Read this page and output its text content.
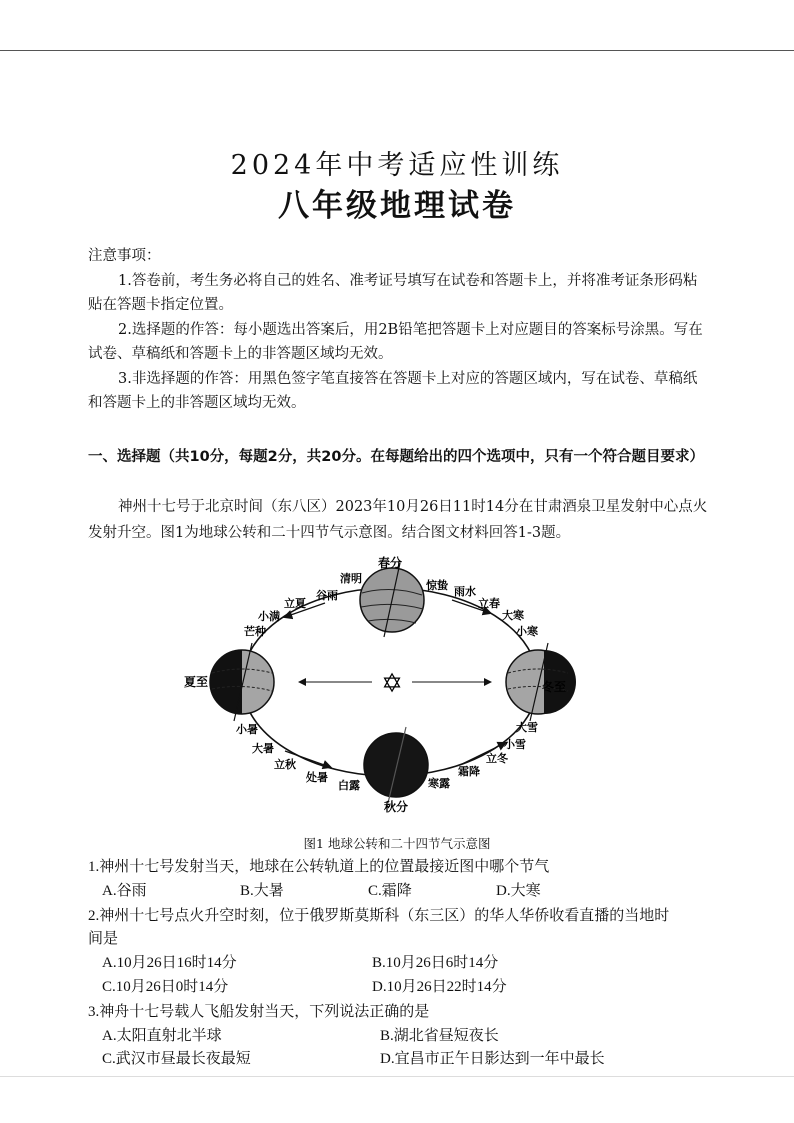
2024年中考适应性训练
八年级地理试卷

注意事项：

1.答卷前，考生务必将自己的姓名、准考证号填写在试卷和答题卡上，并将准考证条形码粘贴在答题卡指定位置。

2.选择题的作答：每小题选出答案后，用2B铅笔把答题卡上对应题目的答案标号涂黑。写在试卷、草稿纸和答题卡上的非答题区域均无效。

3.非选择题的作答：用黑色签字笔直接答在答题卡上对应的答题区域内，写在试卷、草稿纸和答题卡上的非答题区域均无效。

一、选择题（共10分，每题2分，共20分。在每题给出的四个选项中，只有一个符合题目要求）

神州十七号于北京时间（东八区）2023年10月26日11时14分在甘肃酒泉卫星发射中心点火发射升空。图1为地球公转和二十四节气示意图。结合图文材料回答1-3题。

✡
春分
清明
谷雨
立夏
小满
芒种
夏至
小暑
大暑
立秋
处暑
白露
秋分
寒露
霜降
立冬
小雪
大雪
冬至
小寒
大寒
立春
雨水
惊蛰
图1 地球公转和二十四节气示意图
1.神州十七号发射当天，地球在公转轨道上的位置最接近图中哪个节气
A.谷雨	B.大暑	C.霜降	D.大寒
2.神州十七号点火升空时刻，位于俄罗斯莫斯科（东三区）的华人华侨收看直播的当地时
间是
A.10月26日16时14分	B.10月26日6时14分
C.10月26日0时14分	D.10月26日22时14分
3.神舟十七号载人飞船发射当天，下列说法正确的是
A.太阳直射北半球	B.湖北省昼短夜长
C.武汉市昼最长夜最短	D.宜昌市正午日影达到一年中最长
